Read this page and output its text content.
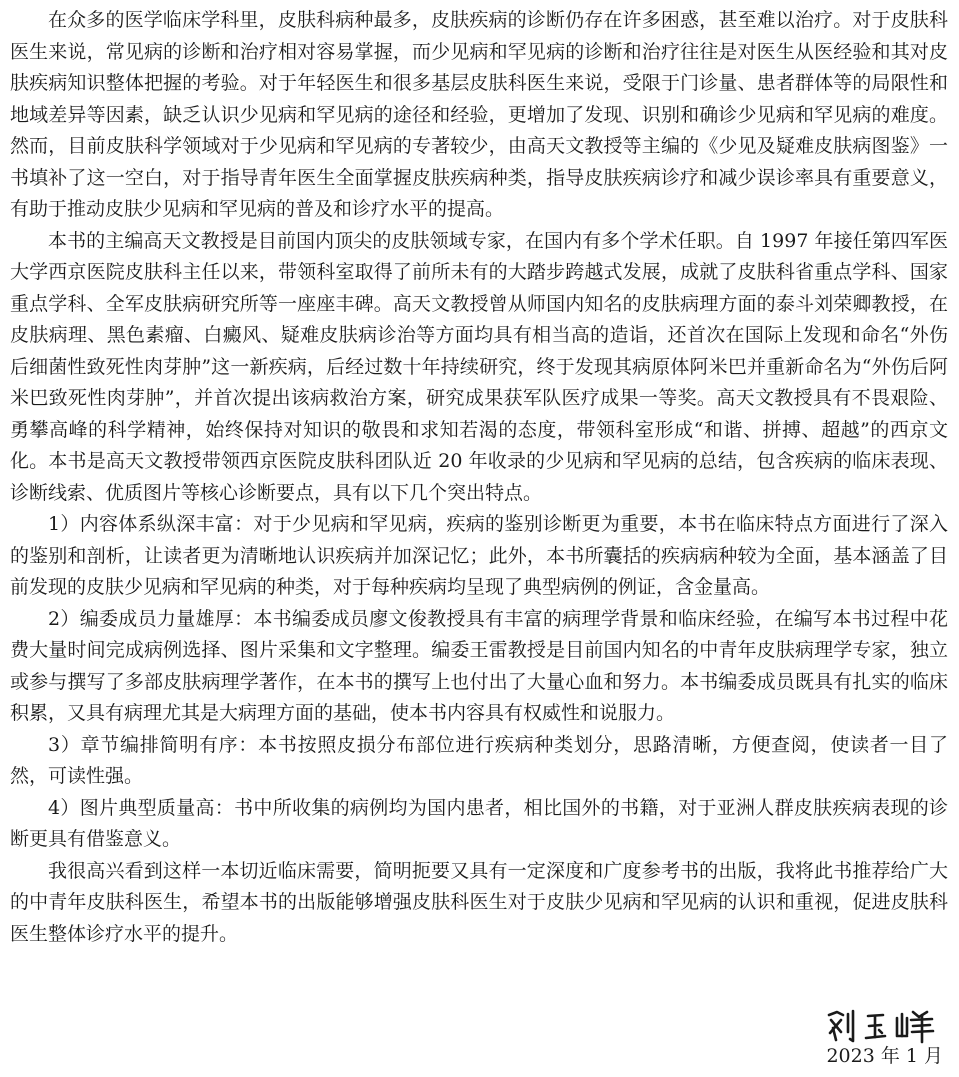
在众多的医学临床学科里，皮肤科病种最多，皮肤疾病的诊断仍存在许多困惑，甚至难以治疗。对于皮肤科医生来说，常见病的诊断和治疗相对容易掌握，而少见病和罕见病的诊断和治疗往往是对医生从医经验和其对皮肤疾病知识整体把握的考验。对于年轻医生和很多基层皮肤科医生来说，受限于门诊量、患者群体等的局限性和地域差异等因素，缺乏认识少见病和罕见病的途径和经验，更增加了发现、识别和确诊少见病和罕见病的难度。然而，目前皮肤科学领域对于少见病和罕见病的专著较少，由高天文教授等主编的《少见及疑难皮肤病图鉴》一书填补了这一空白，对于指导青年医生全面掌握皮肤疾病种类，指导皮肤疾病诊疗和减少误诊率具有重要意义，有助于推动皮肤少见病和罕见病的普及和诊疗水平的提高。

本书的主编高天文教授是目前国内顶尖的皮肤领域专家，在国内有多个学术任职。自 1997 年接任第四军医大学西京医院皮肤科主任以来，带领科室取得了前所未有的大踏步跨越式发展，成就了皮肤科省重点学科、国家重点学科、全军皮肤病研究所等一座座丰碑。高天文教授曾从师国内知名的皮肤病理方面的泰斗刘荣卿教授，在皮肤病理、黑色素瘤、白癜风、疑难皮肤病诊治等方面均具有相当高的造诣，还首次在国际上发现和命名“外伤后细菌性致死性肉芽肿”这一新疾病，后经过数十年持续研究，终于发现其病原体阿米巴并重新命名为“外伤后阿米巴致死性肉芽肿”，并首次提出该病救治方案，研究成果获军队医疗成果一等奖。高天文教授具有不畏艰险、勇攀高峰的科学精神，始终保持对知识的敬畏和求知若渴的态度，带领科室形成“和谐、拼搏、超越”的西京文化。本书是高天文教授带领西京医院皮肤科团队近 20 年收录的少见病和罕见病的总结，包含疾病的临床表现、诊断线索、优质图片等核心诊断要点，具有以下几个突出特点。

1）内容体系纵深丰富：对于少见病和罕见病，疾病的鉴别诊断更为重要，本书在临床特点方面进行了深入的鉴别和剖析，让读者更为清晰地认识疾病并加深记忆；此外，本书所囊括的疾病病种较为全面，基本涵盖了目前发现的皮肤少见病和罕见病的种类，对于每种疾病均呈现了典型病例的例证，含金量高。

2）编委成员力量雄厚：本书编委成员廖文俊教授具有丰富的病理学背景和临床经验，在编写本书过程中花费大量时间完成病例选择、图片采集和文字整理。编委王雷教授是目前国内知名的中青年皮肤病理学专家，独立或参与撰写了多部皮肤病理学著作，在本书的撰写上也付出了大量心血和努力。本书编委成员既具有扎实的临床积累，又具有病理尤其是大病理方面的基础，使本书内容具有权威性和说服力。

3）章节编排简明有序：本书按照皮损分布部位进行疾病种类划分，思路清晰，方便查阅，使读者一目了然，可读性强。

4）图片典型质量高：书中所收集的病例均为国内患者，相比国外的书籍，对于亚洲人群皮肤疾病表现的诊断更具有借鉴意义。

我很高兴看到这样一本切近临床需要，简明扼要又具有一定深度和广度参考书的出版，我将此书推荐给广大的中青年皮肤科医生，希望本书的出版能够增强皮肤科医生对于皮肤少见病和罕见病的认识和重视，促进皮肤科医生整体诊疗水平的提升。

2023 年 1 月
